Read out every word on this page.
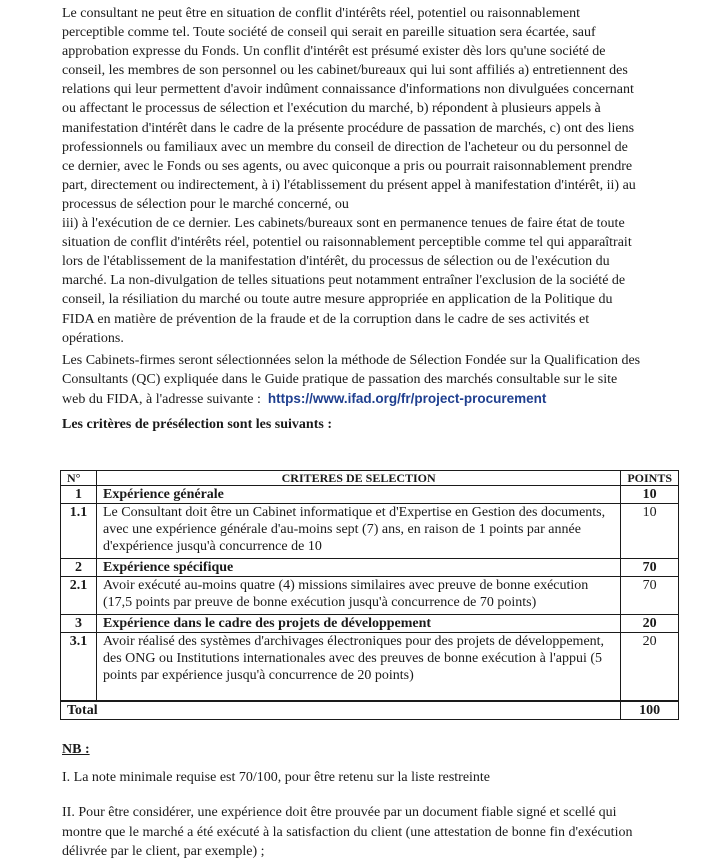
Le consultant ne peut être en situation de conflit d'intérêts réel, potentiel ou raisonnablement
perceptible comme tel. Toute société de conseil qui serait en pareille situation sera écartée, sauf
approbation expresse du Fonds. Un conflit d'intérêt est présumé exister dès lors qu'une société de
conseil, les membres de son personnel ou les cabinet/bureaux qui lui sont affiliés a) entretiennent des
relations qui leur permettent d'avoir indûment connaissance d'informations non divulguées concernant
ou affectant le processus de sélection et l'exécution du marché, b) répondent à plusieurs appels à
manifestation d'intérêt dans le cadre de la présente procédure de passation de marchés, c) ont des liens
professionnels ou familiaux avec un membre du conseil de direction de l'acheteur ou du personnel de
ce dernier, avec le Fonds ou ses agents, ou avec quiconque a pris ou pourrait raisonnablement prendre
part, directement ou indirectement, à i) l'établissement du présent appel à manifestation d'intérêt, ii) au
processus de sélection pour le marché concerné, ou
iii) à l'exécution de ce dernier. Les cabinets/bureaux sont en permanence tenues de faire état de toute
situation de conflit d'intérêts réel, potentiel ou raisonnablement perceptible comme tel qui apparaîtrait
lors de l'établissement de la manifestation d'intérêt, du processus de sélection ou de l'exécution du
marché. La non-divulgation de telles situations peut notamment entraîner l'exclusion de la société de
conseil, la résiliation du marché ou toute autre mesure appropriée en application de la Politique du
FIDA en matière de prévention de la fraude et de la corruption dans le cadre de ses activités et
opérations.

Les Cabinets-firmes seront sélectionnées selon la méthode de Sélection Fondée sur la Qualification des
Consultants (QC) expliquée dans le Guide pratique de passation des marchés consultable sur le site
web du FIDA, à l'adresse suivante : https://www.ifad.org/fr/project-procurement

Les critères de présélection sont les suivants :

N°	CRITERES DE SELECTION	POINTS
1	Expérience générale	10
1.1	Le Consultant doit être un Cabinet informatique et d'Expertise en Gestion des documents,
avec une expérience générale d'au-moins sept (7) ans, en raison de 1 points par année
d'expérience jusqu'à concurrence de 10	10
2	Expérience spécifique	70
2.1	Avoir exécuté au-moins quatre (4) missions similaires avec preuve de bonne exécution
(17,5 points par preuve de bonne exécution jusqu'à concurrence de 70 points)	70
3	Expérience dans le cadre des projets de développement	20
3.1	Avoir réalisé des systèmes d'archivages électroniques pour des projets de développement,
des ONG ou Institutions internationales avec des preuves de bonne exécution à l'appui (5
points par expérience jusqu'à concurrence de 20 points)	20
Total		100

NB :

I. La note minimale requise est 70/100, pour être retenu sur la liste restreinte

II. Pour être considérer, une expérience doit être prouvée par un document fiable signé et scellé qui
montre que le marché a été exécuté à la satisfaction du client (une attestation de bonne fin d'exécution
délivrée par le client, par exemple) ;
